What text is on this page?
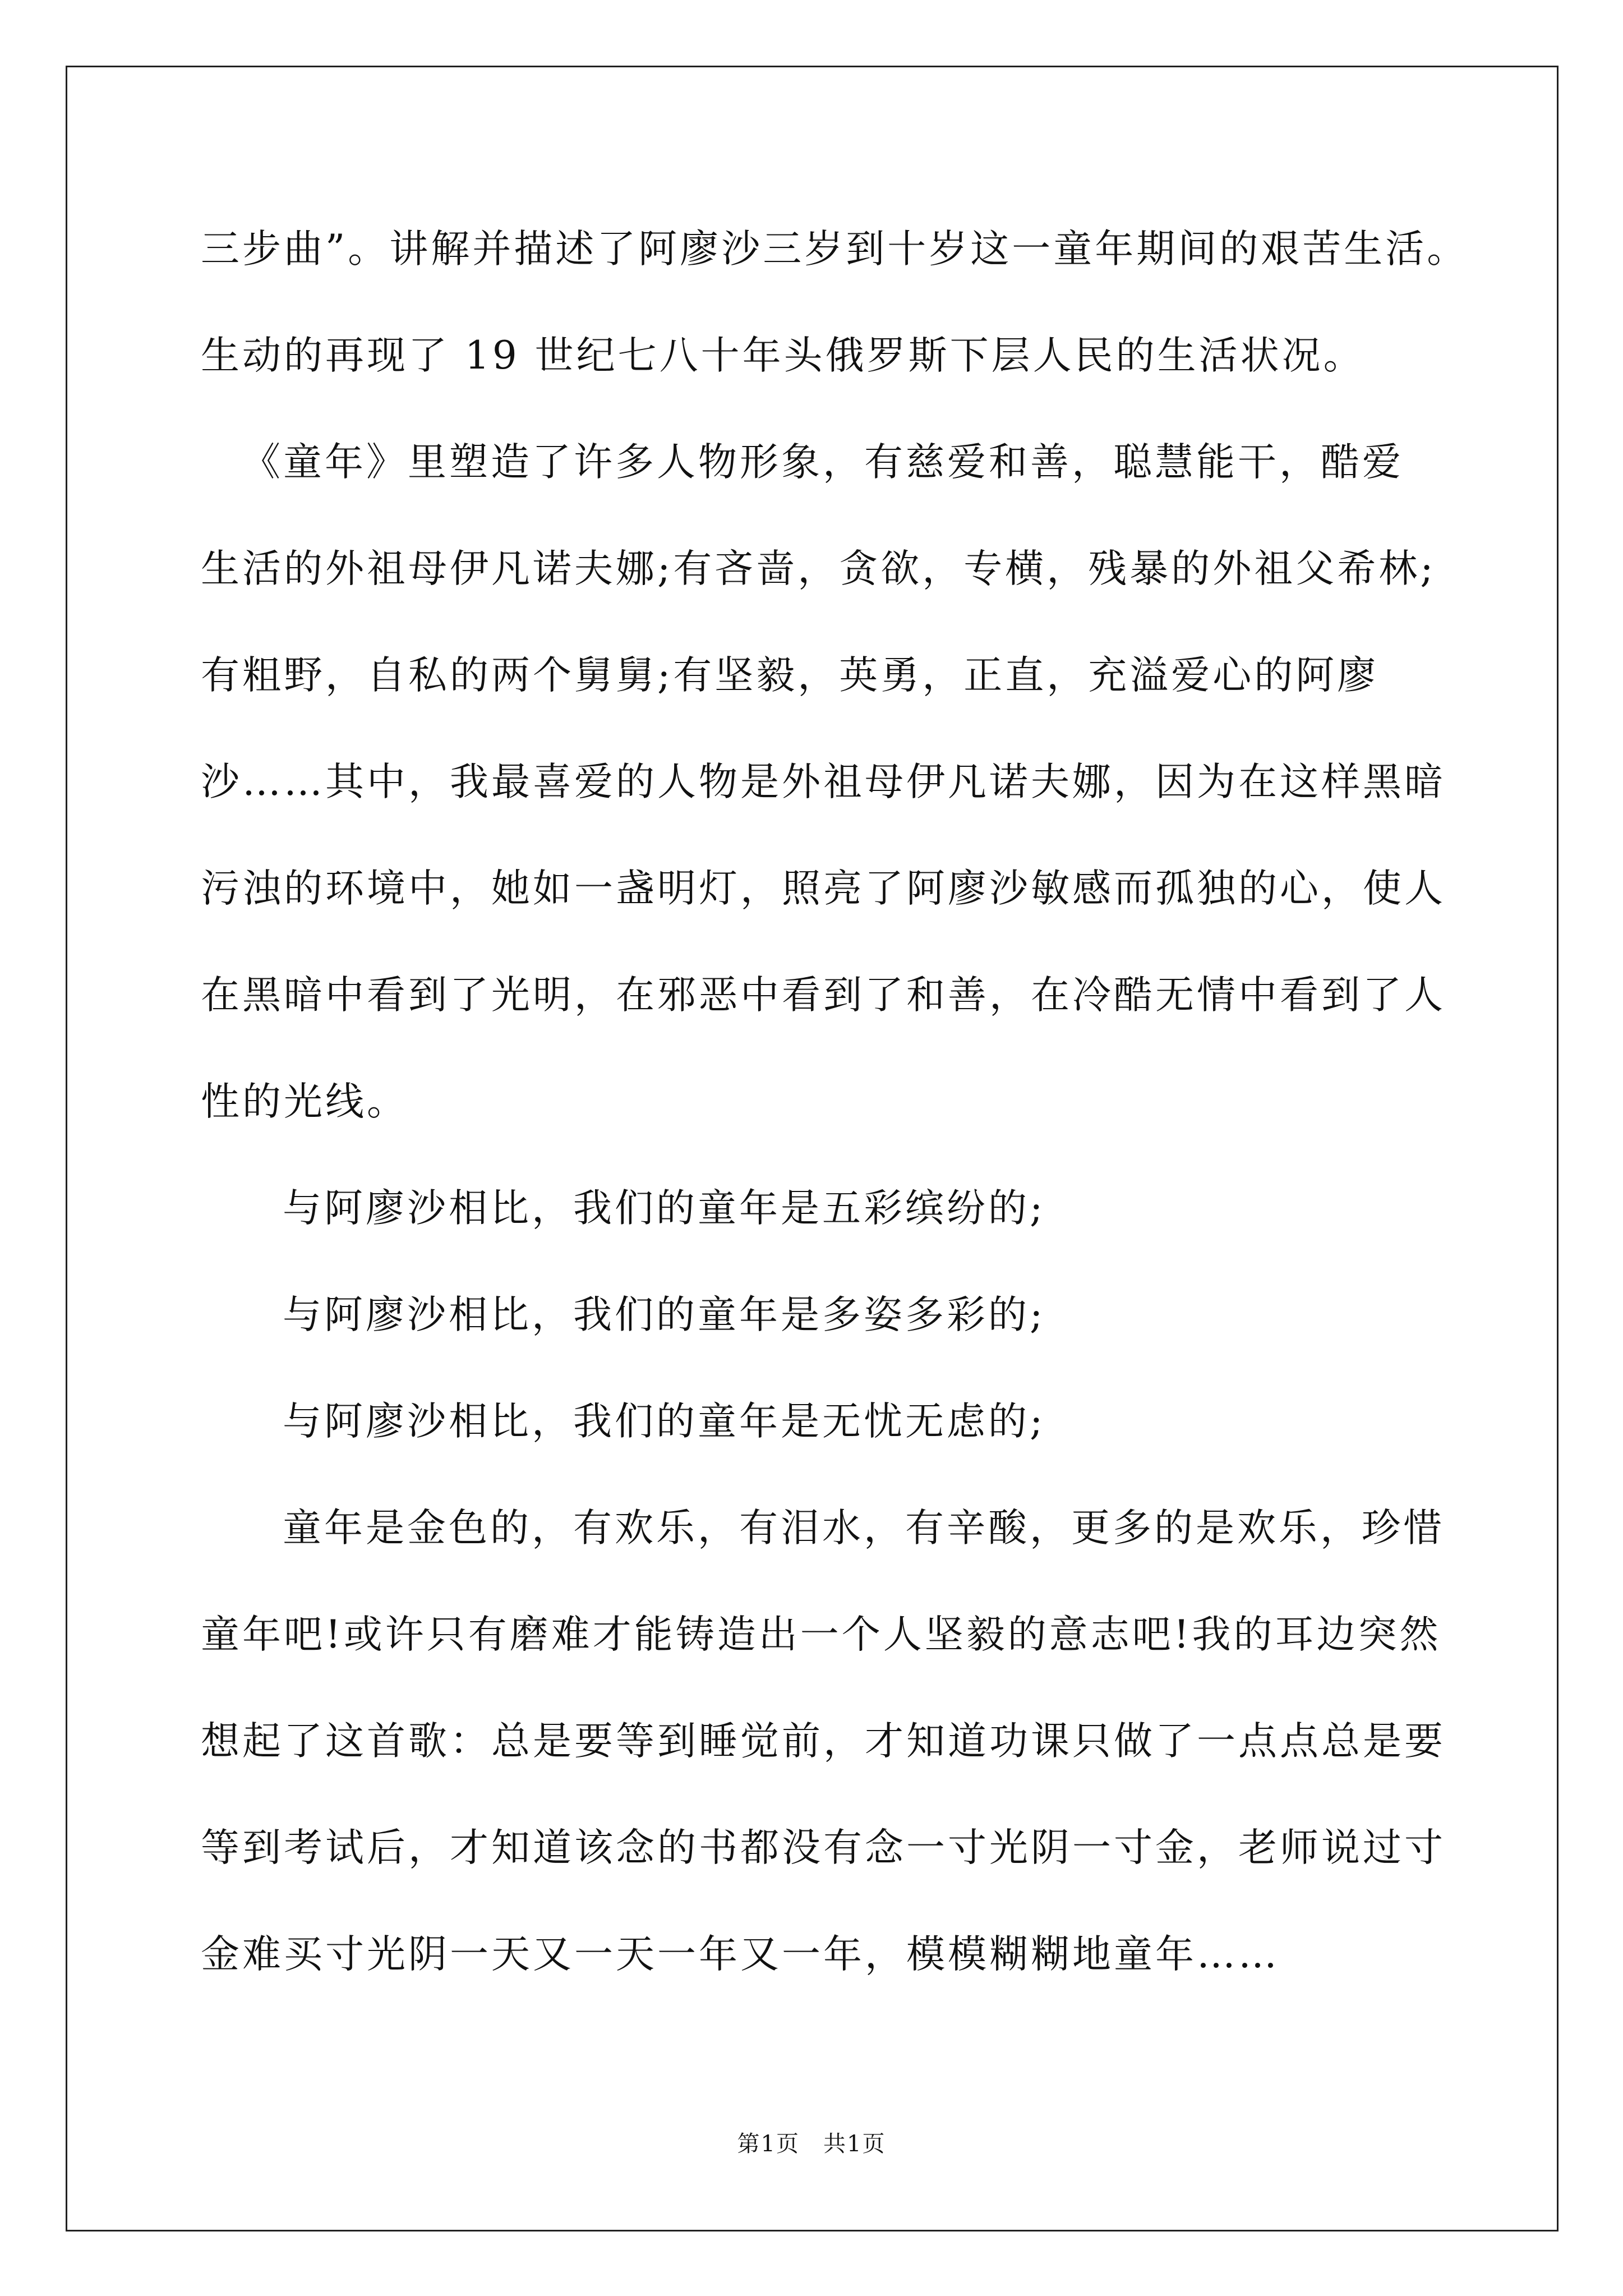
三步曲”。讲解并描述了阿廖沙三岁到十岁这一童年期间的艰苦生活。
生动的再现了 19 世纪七八十年头俄罗斯下层人民的生活状况。
《童年》里塑造了许多人物形象，有慈爱和善，聪慧能干，酷爱
生活的外祖母伊凡诺夫娜;有吝啬，贪欲，专横，残暴的外祖父希林;
有粗野，自私的两个舅舅;有坚毅，英勇，正直，充溢爱心的阿廖
沙……其中，我最喜爱的人物是外祖母伊凡诺夫娜，因为在这样黑暗
污浊的环境中，她如一盏明灯，照亮了阿廖沙敏感而孤独的心，使人
在黑暗中看到了光明，在邪恶中看到了和善，在冷酷无情中看到了人
性的光线。
与阿廖沙相比，我们的童年是五彩缤纷的;
与阿廖沙相比，我们的童年是多姿多彩的;
与阿廖沙相比，我们的童年是无忧无虑的;
童年是金色的，有欢乐，有泪水，有辛酸，更多的是欢乐，珍惜
童年吧!或许只有磨难才能铸造出一个人坚毅的意志吧!我的耳边突然
想起了这首歌：总是要等到睡觉前，才知道功课只做了一点点总是要
等到考试后，才知道该念的书都没有念一寸光阴一寸金，老师说过寸
金难买寸光阴一天又一天一年又一年，模模糊糊地童年……
第1页　共1页
